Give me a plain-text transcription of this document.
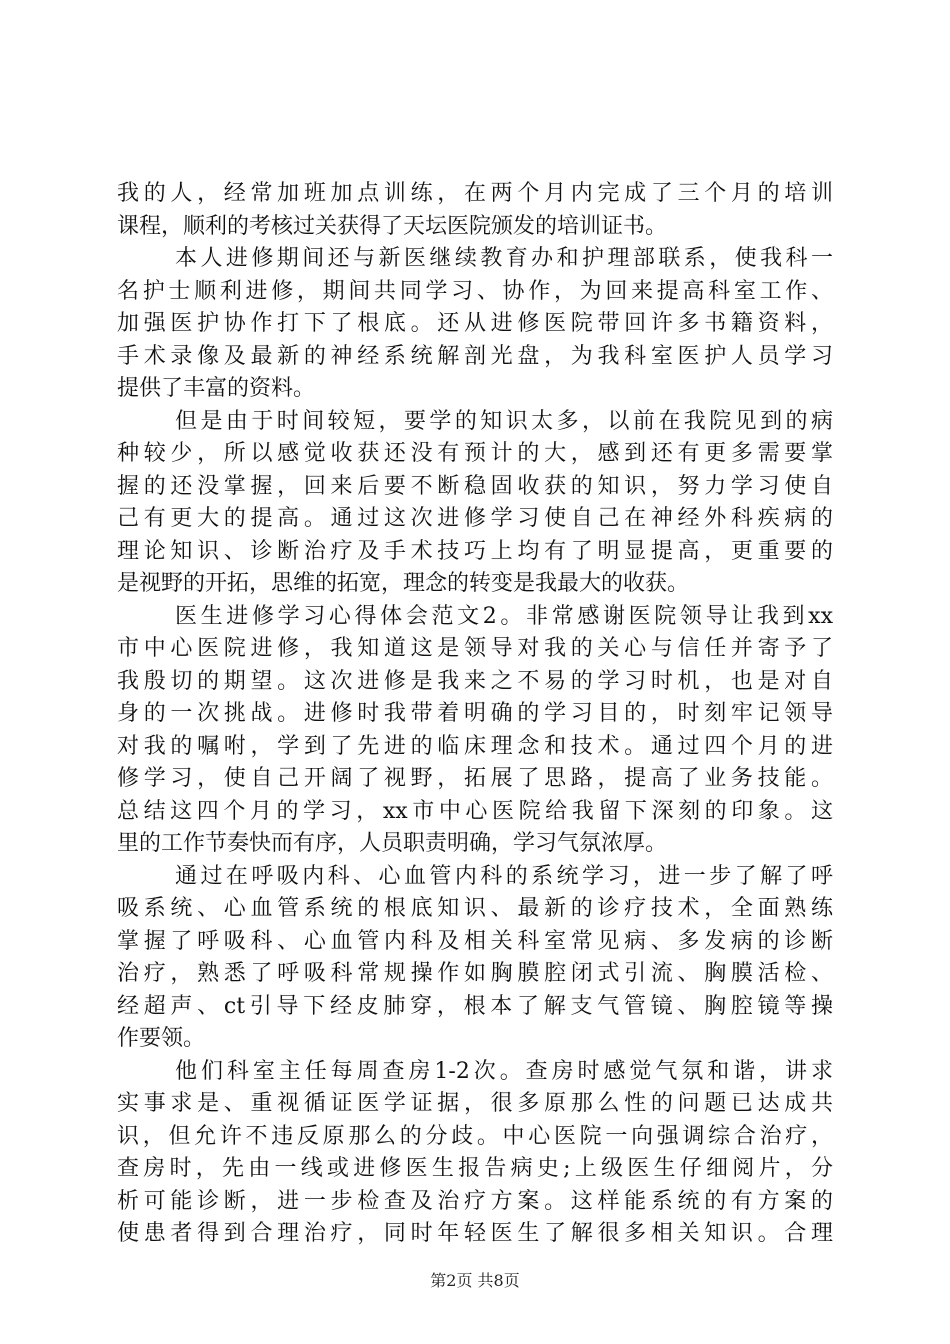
我的人，经常加班加点训练，在两个月内完成了三个月的培训
课程，顺利的考核过关获得了天坛医院颁发的培训证书。
本人进修期间还与新医继续教育办和护理部联系，使我科一
名护士顺利进修，期间共同学习、协作，为回来提高科室工作、
加强医护协作打下了根底。还从进修医院带回许多书籍资料，
手术录像及最新的神经系统解剖光盘，为我科室医护人员学习
提供了丰富的资料。
但是由于时间较短，要学的知识太多，以前在我院见到的病
种较少，所以感觉收获还没有预计的大，感到还有更多需要掌
握的还没掌握，回来后要不断稳固收获的知识，努力学习使自
己有更大的提高。通过这次进修学习使自己在神经外科疾病的
理论知识、诊断治疗及手术技巧上均有了明显提高，更重要的
是视野的开拓，思维的拓宽，理念的转变是我最大的收获。
医生进修学习心得体会范文2。非常感谢医院领导让我到xx
市中心医院进修，我知道这是领导对我的关心与信任并寄予了
我殷切的期望。这次进修是我来之不易的学习时机，也是对自
身的一次挑战。进修时我带着明确的学习目的，时刻牢记领导
对我的嘱咐，学到了先进的临床理念和技术。通过四个月的进
修学习，使自己开阔了视野，拓展了思路，提高了业务技能。
总结这四个月的学习，xx市中心医院给我留下深刻的印象。这
里的工作节奏快而有序，人员职责明确，学习气氛浓厚。
通过在呼吸内科、心血管内科的系统学习，进一步了解了呼
吸系统、心血管系统的根底知识、最新的诊疗技术，全面熟练
掌握了呼吸科、心血管内科及相关科室常见病、多发病的诊断
治疗，熟悉了呼吸科常规操作如胸膜腔闭式引流、胸膜活检、
经超声、ct引导下经皮肺穿，根本了解支气管镜、胸腔镜等操
作要领。
他们科室主任每周查房1-2次。查房时感觉气氛和谐，讲求
实事求是、重视循证医学证据，很多原那么性的问题已达成共
识，但允许不违反原那么的分歧。中心医院一向强调综合治疗，
查房时，先由一线或进修医生报告病史;上级医生仔细阅片，分
析可能诊断，进一步检查及治疗方案。这样能系统的有方案的
使患者得到合理治疗，同时年轻医生了解很多相关知识。合理
第2页 共8页
